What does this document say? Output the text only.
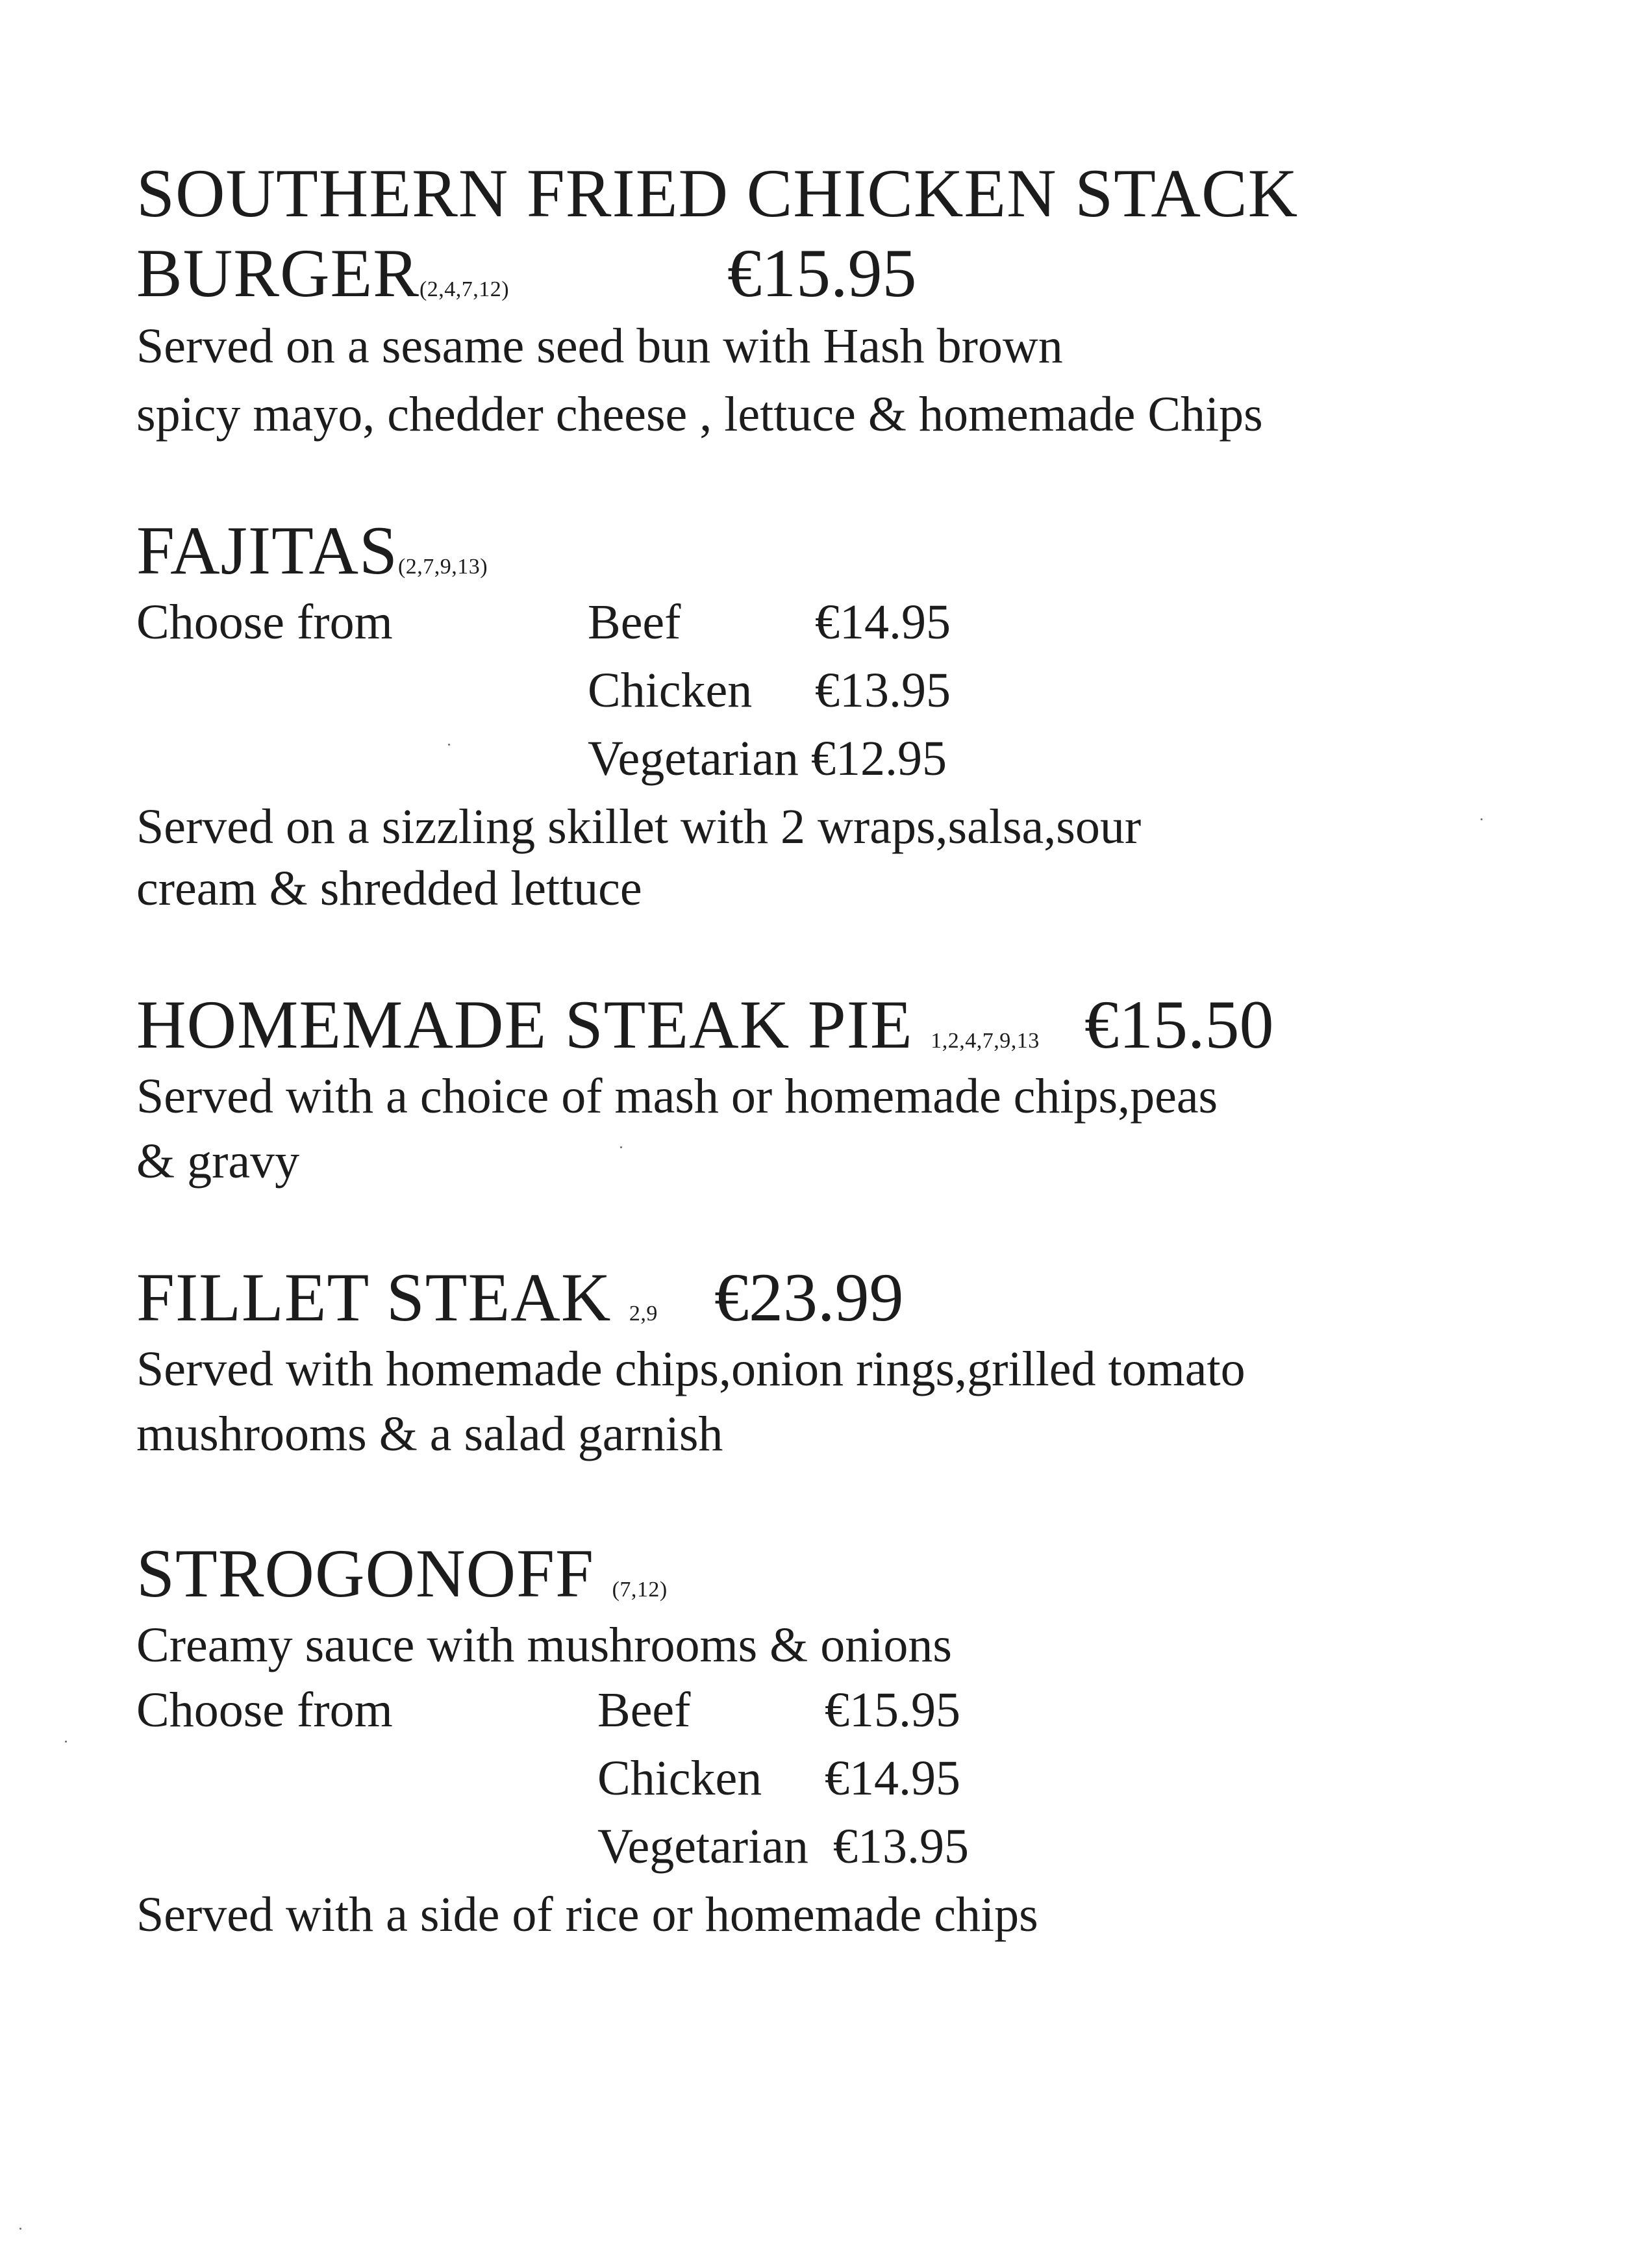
SOUTHERN FRIED CHICKEN STACK
BURGER(2,4,7,12)	€15.95
Served on a sesame seed bun with Hash brown
spicy mayo, chedder cheese , lettuce & homemade Chips
FAJITAS(2,7,9,13)
Choose from	Beef	€14.95
Chicken €13.95
Vegetarian €12.95
Served on a sizzling skillet with 2 wraps,salsa,sour
cream & shredded lettuce
HOMEMADE STEAK PIE 1,2,4,7,9,13 €15.50
Served with a choice of mash or homemade chips,peas
& gravy
FILLET STEAK 2,9 €23.99
Served with homemade chips,onion rings,grilled tomato
mushrooms & a salad garnish
STROGONOFF (7,12)
Creamy sauce with mushrooms & onions
Choose from	Beef	€15.95
Chicken €14.95
Vegetarian €13.95
Served with a side of rice or homemade chips
